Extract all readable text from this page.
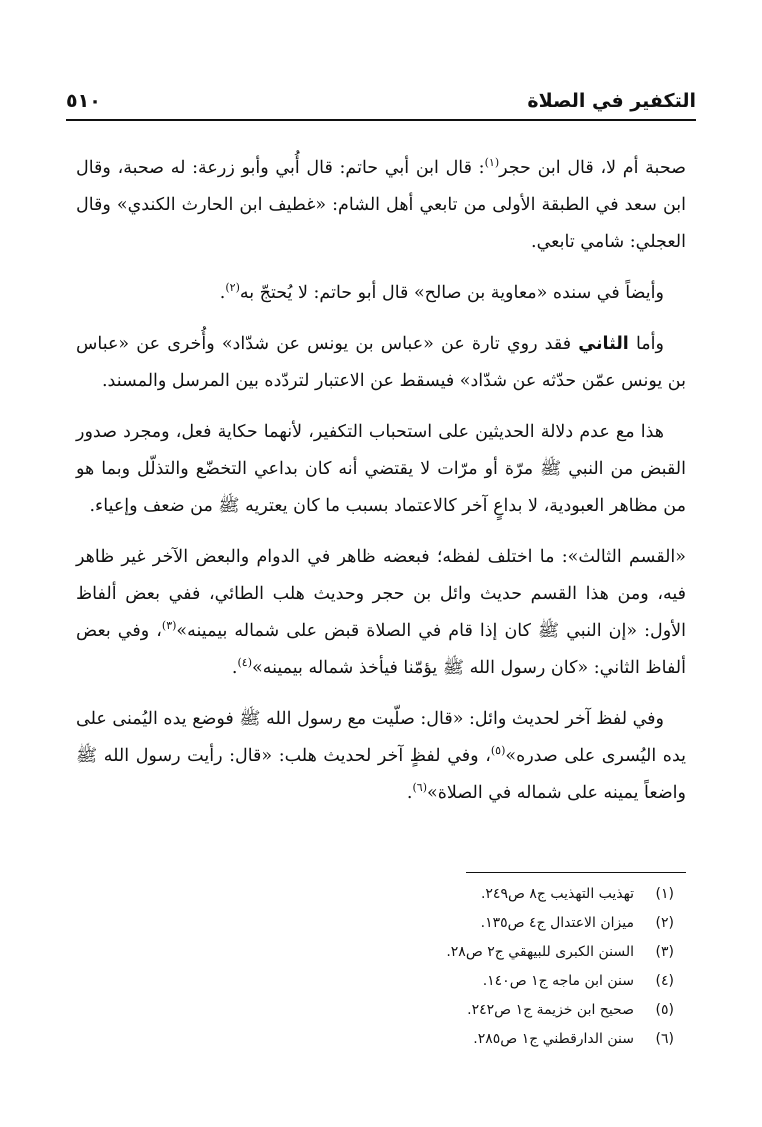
التكفير في الصلاة
٥١٠

صحبة أم لا، قال ابن حجر$^{(١)}$: قال ابن أبي حاتم: قال أُبي وأبو زرعة: له صحبة، وقال ابن سعد في الطبقة الأولى من تابعي أهل الشام: «غطيف ابن الحارث الكندي» وقال العجلي: شامي تابعي.

وأيضاً في سنده «معاوية بن صالح» قال أبو حاتم: لا يُحتجّ به$^{(٢)}$.

وأما الثاني فقد روي تارة عن «عباس بن يونس عن شدّاد» وأُخرى عن «عباس بن يونس عمّن حدّثه عن شدّاد» فيسقط عن الاعتبار لتردّده بين المرسل والمسند.

هذا مع عدم دلالة الحديثين على استحباب التكفير، لأنهما حكاية فعل، ومجرد صدور القبض من النبي ﷺ مرّة أو مرّات لا يقتضي أنه كان بداعي التخضّع والتذلّل وبما هو من مظاهر العبودية، لا بداعٍ آخر كالاعتماد بسبب ما كان يعتريه ﷺ من ضعف وإعياء.

«القسم الثالث»: ما اختلف لفظه؛ فبعضه ظاهر في الدوام والبعض الآخر غير ظاهر فيه، ومن هذا القسم حديث وائل بن حجر وحديث هلب الطائي، ففي بعض ألفاظ الأول: «إن النبي ﷺ كان إذا قام في الصلاة قبض على شماله بيمينه»$^{(٣)}$، وفي بعض ألفاظ الثاني: «كان رسول الله ﷺ يؤمّنا فيأخذ شماله بيمينه»$^{(٤)}$.

وفي لفظ آخر لحديث وائل: «قال: صلّيت مع رسول الله ﷺ فوضع يده اليُمنى على يده اليُسرى على صدره»$^{(٥)}$، وفي لفظٍ آخر لحديث هلب: «قال: رأيت رسول الله ﷺ واضعاً يمينه على شماله في الصلاة»$^{(٦)}$.

(١)
تهذيب التهذيب ج٨ ص٢٤٩.
(٢)
ميزان الاعتدال ج٤ ص١٣٥.
(٣)
السنن الكبرى للبيهقي ج٢ ص٢٨.
(٤)
سنن ابن ماجه ج١ ص١٤٠.
(٥)
صحيح ابن خزيمة ج١ ص٢٤٢.
(٦)
سنن الدارقطني ج١ ص٢٨٥.
